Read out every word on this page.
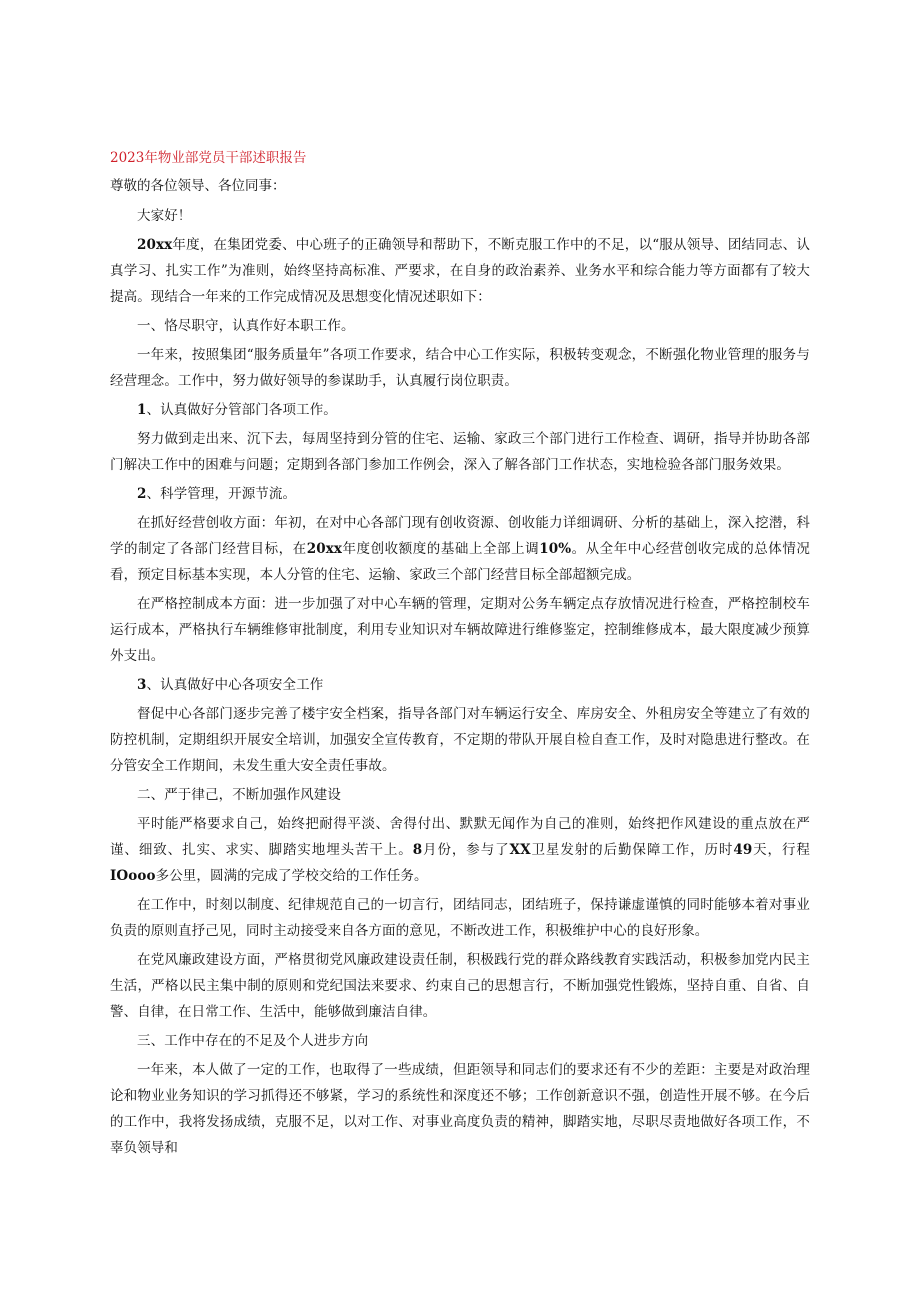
2023年物业部党员干部述职报告
尊敬的各位领导、各位同事：

大家好！

20xx年度，在集团党委、中心班子的正确领导和帮助下，不断克服工作中的不足，以“服从领导、团结同志、认真学习、扎实工作”为准则，始终坚持高标准、严要求，在自身的政治素养、业务水平和综合能力等方面都有了较大提高。现结合一年来的工作完成情况及思想变化情况述职如下：

一、恪尽职守，认真作好本职工作。

一年来，按照集团“服务质量年”各项工作要求，结合中心工作实际，积极转变观念，不断强化物业管理的服务与经营理念。工作中，努力做好领导的参谋助手，认真履行岗位职责。

1、认真做好分管部门各项工作。

努力做到走出来、沉下去，每周坚持到分管的住宅、运输、家政三个部门进行工作检查、调研，指导并协助各部门解决工作中的困难与问题；定期到各部门参加工作例会，深入了解各部门工作状态，实地检验各部门服务效果。

2、科学管理，开源节流。

在抓好经营创收方面：年初，在对中心各部门现有创收资源、创收能力详细调研、分析的基础上，深入挖潜，科学的制定了各部门经营目标，在20xx年度创收额度的基础上全部上调10%。从全年中心经营创收完成的总体情况看，预定目标基本实现，本人分管的住宅、运输、家政三个部门经营目标全部超额完成。

在严格控制成本方面：进一步加强了对中心车辆的管理，定期对公务车辆定点存放情况进行检查，严格控制校车运行成本，严格执行车辆维修审批制度，利用专业知识对车辆故障进行维修鉴定，控制维修成本，最大限度减少预算外支出。

3、认真做好中心各项安全工作

督促中心各部门逐步完善了楼宇安全档案，指导各部门对车辆运行安全、库房安全、外租房安全等建立了有效的防控机制，定期组织开展安全培训，加强安全宣传教育，不定期的带队开展自检自查工作，及时对隐患进行整改。在分管安全工作期间，未发生重大安全责任事故。

二、严于律己，不断加强作风建设

平时能严格要求自己，始终把耐得平淡、舍得付出、默默无闻作为自己的准则，始终把作风建设的重点放在严谨、细致、扎实、求实、脚踏实地埋头苦干上。8月份，参与了XX卫星发射的后勤保障工作，历时49天，行程IOooo多公里，圆满的完成了学校交给的工作任务。

在工作中，时刻以制度、纪律规范自己的一切言行，团结同志，团结班子，保持谦虚谨慎的同时能够本着对事业负责的原则直抒己见，同时主动接受来自各方面的意见，不断改进工作，积极维护中心的良好形象。

在党风廉政建设方面，严格贯彻党风廉政建设责任制，积极践行党的群众路线教育实践活动，积极参加党内民主生活，严格以民主集中制的原则和党纪国法来要求、约束自己的思想言行，不断加强党性锻炼，坚持自重、自省、自警、自律，在日常工作、生活中，能够做到廉洁自律。

三、工作中存在的不足及个人进步方向

一年来，本人做了一定的工作，也取得了一些成绩，但距领导和同志们的要求还有不少的差距：主要是对政治理论和物业业务知识的学习抓得还不够紧，学习的系统性和深度还不够；工作创新意识不强，创造性开展不够。在今后的工作中，我将发扬成绩，克服不足，以对工作、对事业高度负责的精神，脚踏实地，尽职尽责地做好各项工作，不辜负领导和
